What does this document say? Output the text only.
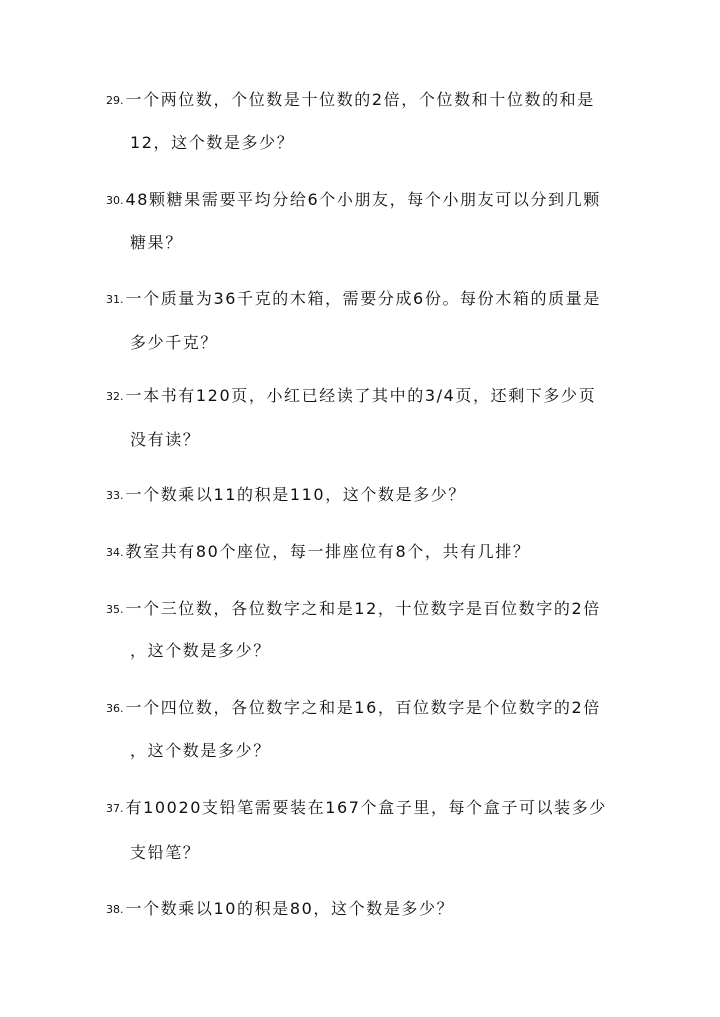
29. 一个两位数，个位数是十位数的2倍，个位数和十位数的和是
12，这个数是多少？
30. 48颗糖果需要平均分给6个小朋友，每个小朋友可以分到几颗
糖果？
31. 一个质量为36千克的木箱，需要分成6份。每份木箱的质量是
多少千克？
32. 一本书有120页，小红已经读了其中的3/4页，还剩下多少页
没有读？
33. 一个数乘以11的积是110，这个数是多少？
34. 教室共有80个座位，每一排座位有8个，共有几排？
35. 一个三位数，各位数字之和是12，十位数字是百位数字的2倍
，这个数是多少？
36. 一个四位数，各位数字之和是16，百位数字是个位数字的2倍
，这个数是多少？
37. 有10020支铅笔需要装在167个盒子里，每个盒子可以装多少
支铅笔？
38. 一个数乘以10的积是80，这个数是多少？
